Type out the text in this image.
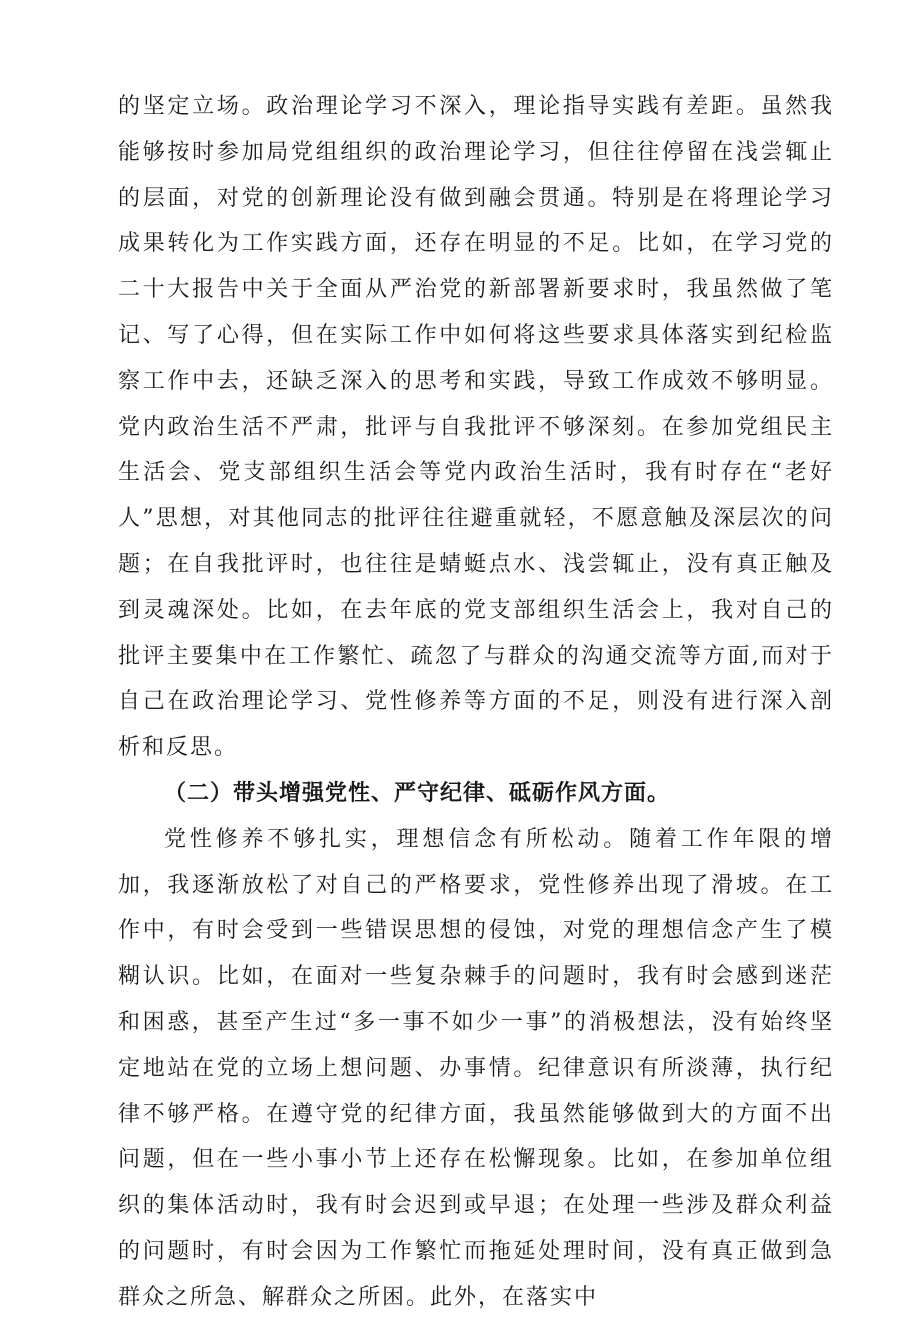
的坚定立场。政治理论学习不深入，理论指导实践有差距。虽然我能够按时参加局党组组织的政治理论学习，但往往停留在浅尝辄止的层面，对党的创新理论没有做到融会贯通。特别是在将理论学习成果转化为工作实践方面，还存在明显的不足。比如，在学习党的二十大报告中关于全面从严治党的新部署新要求时，我虽然做了笔记、写了心得，但在实际工作中如何将这些要求具体落实到纪检监察工作中去，还缺乏深入的思考和实践，导致工作成效不够明显。党内政治生活不严肃，批评与自我批评不够深刻。在参加党组民主生活会、党支部组织生活会等党内政治生活时，我有时存在“老好人”思想，对其他同志的批评往往避重就轻，不愿意触及深层次的问题；在自我批评时，也往往是蜻蜓点水、浅尝辄止，没有真正触及到灵魂深处。比如，在去年底的党支部组织生活会上，我对自己的批评主要集中在工作繁忙、疏忽了与群众的沟通交流等方面,而对于自己在政治理论学习、党性修养等方面的不足，则没有进行深入剖析和反思。

（二）带头增强党性、严守纪律、砥砺作风方面。

党性修养不够扎实，理想信念有所松动。随着工作年限的增加，我逐渐放松了对自己的严格要求，党性修养出现了滑坡。在工作中，有时会受到一些错误思想的侵蚀，对党的理想信念产生了模糊认识。比如，在面对一些复杂棘手的问题时，我有时会感到迷茫和困惑，甚至产生过“多一事不如少一事”的消极想法，没有始终坚定地站在党的立场上想问题、办事情。纪律意识有所淡薄，执行纪律不够严格。在遵守党的纪律方面，我虽然能够做到大的方面不出问题，但在一些小事小节上还存在松懈现象。比如，在参加单位组织的集体活动时，我有时会迟到或早退；在处理一些涉及群众利益的问题时，有时会因为工作繁忙而拖延处理时间，没有真正做到急群众之所急、解群众之所困。此外，在落实中
